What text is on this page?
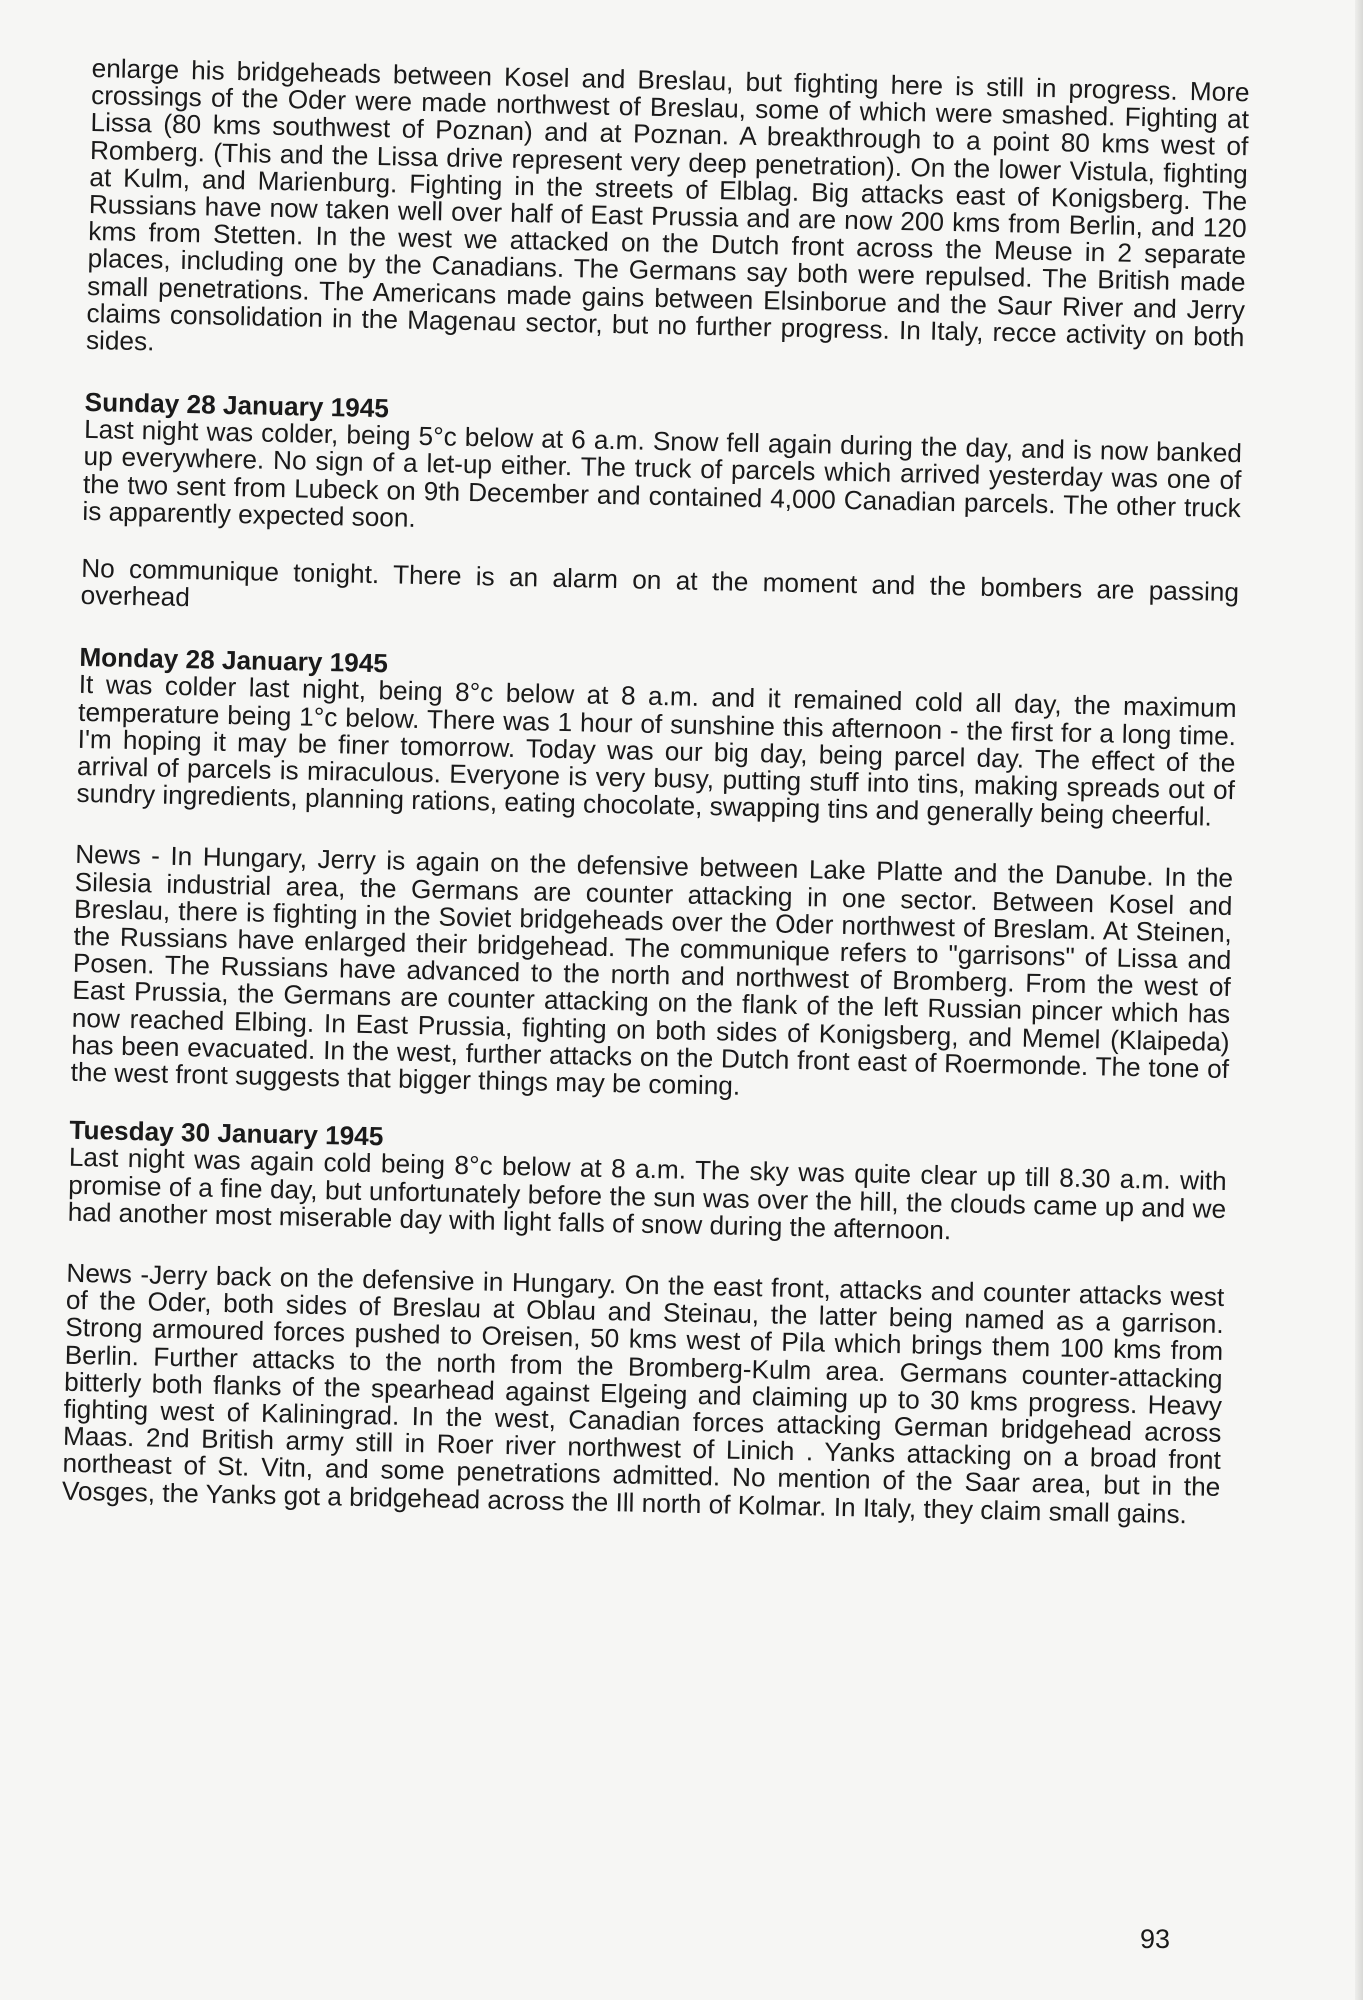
enlarge his bridgeheads between Kosel and Breslau, but fighting here is still in progress. More crossings of the Oder were made northwest of Breslau, some of which were smashed. Fighting at Lissa (80 kms southwest of Poznan) and at Poznan. A breakthrough to a point 80 kms west of Romberg. (This and the Lissa drive represent very deep penetration). On the lower Vistula, fighting at Kulm, and Marienburg. Fighting in the streets of Elblag. Big attacks east of Konigsberg. The Russians have now taken well over half of East Prussia and are now 200 kms from Berlin, and 120 kms from Stetten. In the west we attacked on the Dutch front across the Meuse in 2 separate places, including one by the Canadians. The Germans say both were repulsed. The British made small penetrations. The Americans made gains between Elsinborue and the Saur River and Jerry claims consolidation in the Magenau sector, but no further progress. In Italy, recce activity on both sides.

Sunday 28 January 1945

Last night was colder, being 5°c below at 6 a.m. Snow fell again during the day, and is now banked up everywhere. No sign of a let-up either. The truck of parcels which arrived yesterday was one of the two sent from Lubeck on 9th December and contained 4,000 Canadian parcels. The other truck is apparently expected soon.

No communique tonight. There is an alarm on at the moment and the bombers are passing overhead

Monday 28 January 1945

It was colder last night, being 8°c below at 8 a.m. and it remained cold all day, the maximum temperature being 1°c below. There was 1 hour of sunshine this afternoon - the first for a long time. I'm hoping it may be finer tomorrow. Today was our big day, being parcel day. The effect of the arrival of parcels is miraculous. Everyone is very busy, putting stuff into tins, making spreads out of sundry ingredients, planning rations, eating chocolate, swapping tins and generally being cheerful.

News - In Hungary, Jerry is again on the defensive between Lake Platte and the Danube. In the Silesia industrial area, the Germans are counter attacking in one sector. Between Kosel and Breslau, there is fighting in the Soviet bridgeheads over the Oder northwest of Breslam. At Steinen, the Russians have enlarged their bridgehead. The communique refers to "garrisons" of Lissa and Posen. The Russians have advanced to the north and northwest of Bromberg. From the west of East Prussia, the Germans are counter attacking on the flank of the left Russian pincer which has now reached Elbing. In East Prussia, fighting on both sides of Konigsberg, and Memel (Klaipeda) has been evacuated. In the west, further attacks on the Dutch front east of Roermonde. The tone of the west front suggests that bigger things may be coming.

Tuesday 30 January 1945

Last night was again cold being 8°c below at 8 a.m. The sky was quite clear up till 8.30 a.m. with promise of a fine day, but unfortunately before the sun was over the hill, the clouds came up and we had another most miserable day with light falls of snow during the afternoon.

News -Jerry back on the defensive in Hungary. On the east front, attacks and counter attacks west of the Oder, both sides of Breslau at Oblau and Steinau, the latter being named as a garrison. Strong armoured forces pushed to Oreisen, 50 kms west of Pila which brings them 100 kms from Berlin. Further attacks to the north from the Bromberg-Kulm area. Germans counter-attacking bitterly both flanks of the spearhead against Elgeing and claiming up to 30 kms progress. Heavy fighting west of Kaliningrad. In the west, Canadian forces attacking German bridgehead across Maas. 2nd British army still in Roer river northwest of Linich . Yanks attacking on a broad front northeast of St. Vitn, and some penetrations admitted. No mention of the Saar area, but in the Vosges, the Yanks got a bridgehead across the Ill north of Kolmar. In Italy, they claim small gains.

93
